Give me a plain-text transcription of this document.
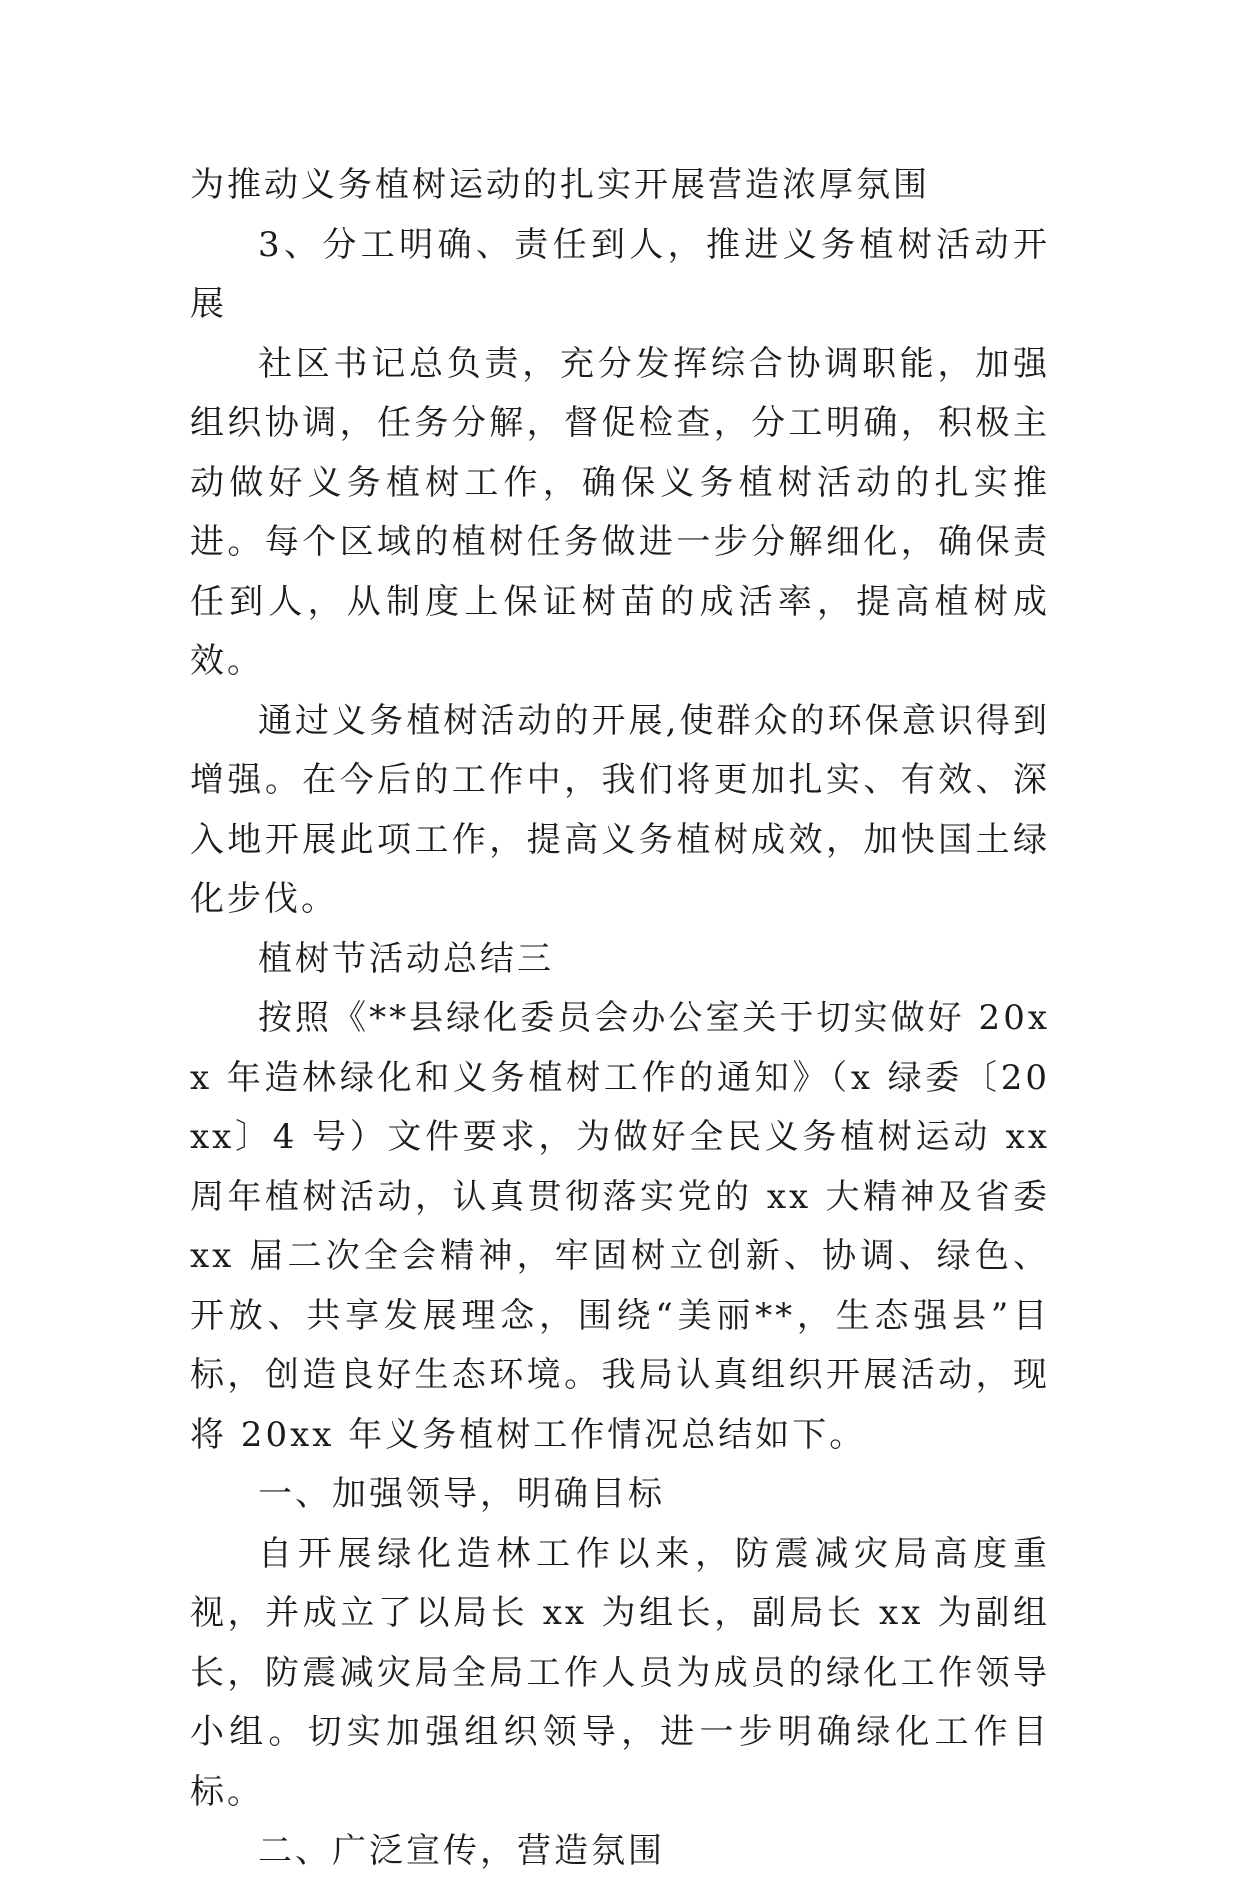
为推动义务植树运动的扎实开展营造浓厚氛围

3、分工明确、责任到人，推进义务植树活动开展

社区书记总负责，充分发挥综合协调职能，加强组织协调，任务分解，督促检查，分工明确，积极主动做好义务植树工作，确保义务植树活动的扎实推进。每个区域的植树任务做进一步分解细化，确保责任到人，从制度上保证树苗的成活率，提高植树成效。

通过义务植树活动的开展,使群众的环保意识得到增强。在今后的工作中，我们将更加扎实、有效、深入地开展此项工作，提高义务植树成效，加快国土绿化步伐。

植树节活动总结三

按照《**县绿化委员会办公室关于切实做好 20xx 年造林绿化和义务植树工作的通知》（x 绿委〔20xx〕4 号）文件要求，为做好全民义务植树运动 xx 周年植树活动，认真贯彻落实党的 xx 大精神及省委 xx 届二次全会精神，牢固树立创新、协调、绿色、开放、共享发展理念，围绕“美丽**，生态强县”目标，创造良好生态环境。我局认真组织开展活动，现将 20xx 年义务植树工作情况总结如下。

一、加强领导，明确目标

自开展绿化造林工作以来，防震减灾局高度重视，并成立了以局长 xx 为组长，副局长 xx 为副组长，防震减灾局全局工作人员为成员的绿化工作领导小组。切实加强组织领导，进一步明确绿化工作目标。

二、广泛宣传，营造氛围
